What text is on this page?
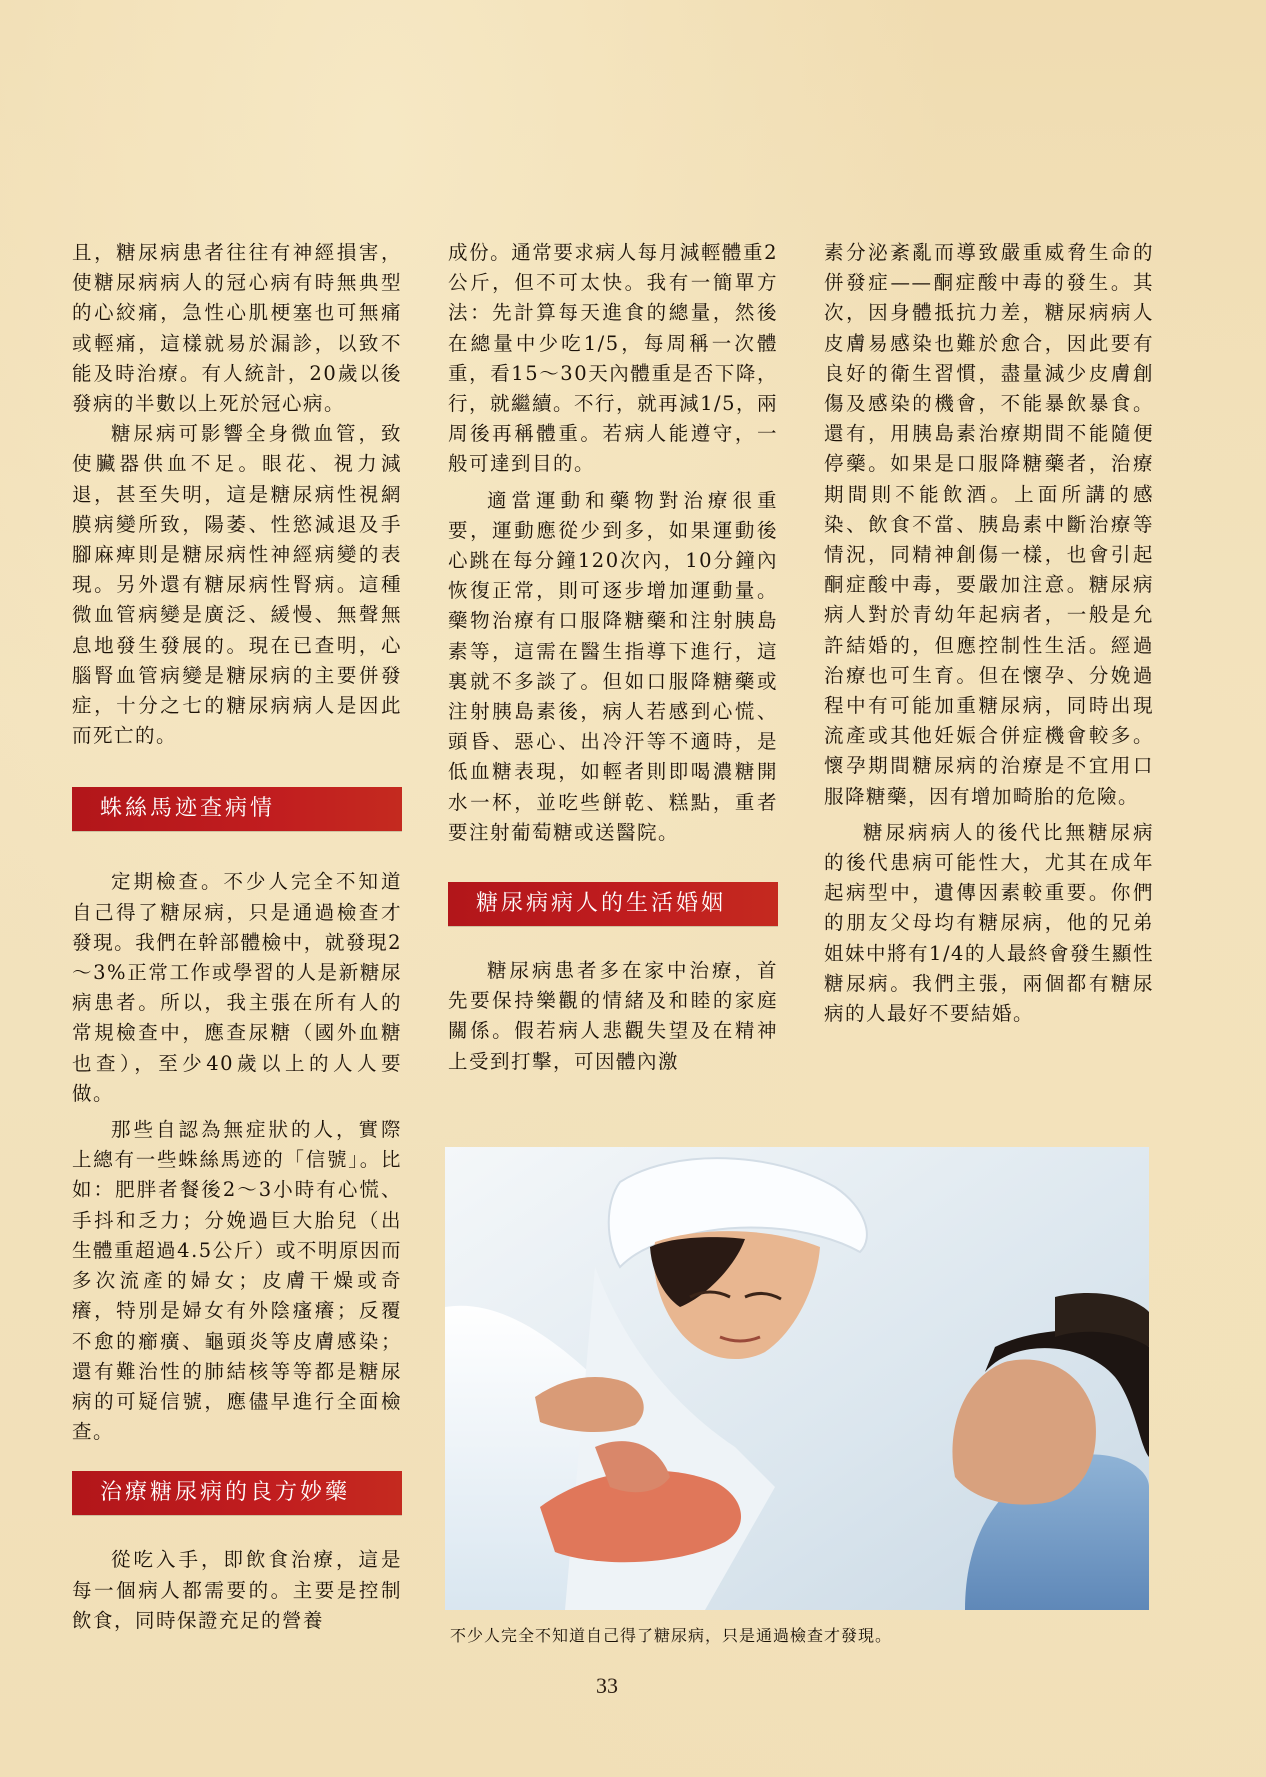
且，糖尿病患者往往有神經損害，使糖尿病病人的冠心病有時無典型的心絞痛，急性心肌梗塞也可無痛或輕痛，這樣就易於漏診，以致不能及時治療。有人統計，20歲以後發病的半數以上死於冠心病。

糖尿病可影響全身微血管，致使臟器供血不足。眼花、視力減退，甚至失明，這是糖尿病性視網膜病變所致，陽萎、性慾減退及手腳麻痺則是糖尿病性神經病變的表現。另外還有糖尿病性腎病。這種微血管病變是廣泛、緩慢、無聲無息地發生發展的。現在已查明，心腦腎血管病變是糖尿病的主要併發症，十分之七的糖尿病病人是因此而死亡的。

蛛絲馬迹查病情

定期檢查。不少人完全不知道自己得了糖尿病，只是通過檢查才發現。我們在幹部體檢中，就發現2～3%正常工作或學習的人是新糖尿病患者。所以，我主張在所有人的常規檢查中，應查尿糖（國外血糖也查），至少40歲以上的人人要做。

那些自認為無症狀的人，實際上總有一些蛛絲馬迹的「信號」。比如：肥胖者餐後2～3小時有心慌、手抖和乏力；分娩過巨大胎兒（出生體重超過4.5公斤）或不明原因而多次流產的婦女；皮膚干燥或奇癢，特別是婦女有外陰瘙癢；反覆不愈的癤癀、龜頭炎等皮膚感染；還有難治性的肺結核等等都是糖尿病的可疑信號，應儘早進行全面檢查。

治療糖尿病的良方妙藥

從吃入手，即飲食治療，這是每一個病人都需要的。主要是控制飲食，同時保證充足的營養

成份。通常要求病人每月減輕體重2公斤，但不可太快。我有一簡單方法：先計算每天進食的總量，然後在總量中少吃1/5，每周稱一次體重，看15～30天內體重是否下降，行，就繼續。不行，就再減1/5，兩周後再稱體重。若病人能遵守，一般可達到目的。

適當運動和藥物對治療很重要，運動應從少到多，如果運動後心跳在每分鐘120次內，10分鐘內恢復正常，則可逐步增加運動量。藥物治療有口服降糖藥和注射胰島素等，這需在醫生指導下進行，這裏就不多談了。但如口服降糖藥或注射胰島素後，病人若感到心慌、頭昏、惡心、出冷汗等不適時，是低血糖表現，如輕者則即喝濃糖開水一杯，並吃些餅乾、糕點，重者要注射葡萄糖或送醫院。

糖尿病病人的生活婚姻

糖尿病患者多在家中治療，首先要保持樂觀的情緒及和睦的家庭關係。假若病人悲觀失望及在精神上受到打擊，可因體內激

素分泌紊亂而導致嚴重威脅生命的併發症——酮症酸中毒的發生。其次，因身體抵抗力差，糖尿病病人皮膚易感染也難於愈合，因此要有良好的衛生習慣，盡量減少皮膚創傷及感染的機會，不能暴飲暴食。還有，用胰島素治療期間不能隨便停藥。如果是口服降糖藥者，治療期間則不能飲酒。上面所講的感染、飲食不當、胰島素中斷治療等情況，同精神創傷一樣，也會引起酮症酸中毒，要嚴加注意。糖尿病病人對於青幼年起病者，一般是允許結婚的，但應控制性生活。經過治療也可生育。但在懷孕、分娩過程中有可能加重糖尿病，同時出現流產或其他妊娠合併症機會較多。懷孕期間糖尿病的治療是不宜用口服降糖藥，因有增加畸胎的危險。

糖尿病病人的後代比無糖尿病的後代患病可能性大，尤其在成年起病型中，遺傳因素較重要。你們的朋友父母均有糖尿病，他的兄弟姐妹中將有1/4的人最終會發生顯性糖尿病。我們主張，兩個都有糖尿病的人最好不要結婚。

不少人完全不知道自己得了糖尿病，只是通過檢查才發現。
33
